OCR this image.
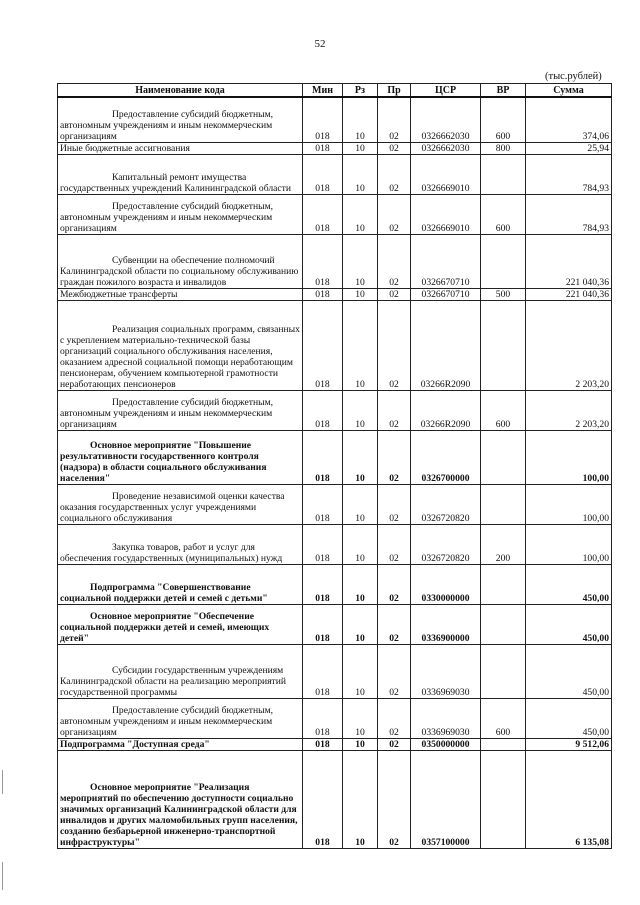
52
(тыс.рублей)
Наименование кода	Мин	Рз	Пр	ЦСР	ВР	Сумма

Предоставление субсидий бюджетным, автономным учреждениям и иным некоммерческим организациям	018	10	02	0326662030	600	374,06
Иные бюджетные ассигнования	018	10	02	0326662030	800	25,94

Капитальный ремонт имущества государственных учреждений Калининградской области	018	10	02	0326669010		784,93

Предоставление субсидий бюджетным, автономным учреждениям и иным некоммерческим организациям	018	10	02	0326669010	600	784,93

Субвенции на обеспечение полномочий Калининградской области по социальному обслуживанию граждан пожилого возраста и инвалидов	018	10	02	0326670710		221 040,36
Межбюджетные трансферты	018	10	02	0326670710	500	221 040,36

Реализация социальных программ, связанных с укреплением материально-технической базы организаций социального обслуживания населения, оказанием адресной социальной помощи неработающим пенсионерам, обучением компьютерной грамотности неработающих пенсионеров	018	10	02	03266R2090		2 203,20

Предоставление субсидий бюджетным, автономным учреждениям и иным некоммерческим организациям	018	10	02	03266R2090	600	2 203,20

Основное мероприятие "Повышение результативности государственного контроля (надзора) в области социального обслуживания населения"	018	10	02	0326700000		100,00

Проведение независимой оценки качества оказания государственных услуг учреждениями социального обслуживания	018	10	02	0326720820		100,00

Закупка товаров, работ и услуг для обеспечения государственных (муниципальных) нужд	018	10	02	0326720820	200	100,00

Подпрограмма "Совершенствование социальной поддержки детей и семей с детьми"	018	10	02	0330000000		450,00

Основное мероприятие "Обеспечение социальной поддержки детей и семей, имеющих детей"	018	10	02	0336900000		450,00

Субсидии государственным учреждениям Калининградской области на реализацию мероприятий государственной программы	018	10	02	0336969030		450,00

Предоставление субсидий бюджетным, автономным учреждениям и иным некоммерческим организациям	018	10	02	0336969030	600	450,00
Подпрограмма "Доступная среда"	018	10	02	0350000000		9 512,06

Основное мероприятие "Реализация мероприятий по обеспечению доступности социально значимых организаций Калининградской области для инвалидов и других маломобильных групп населения, созданию безбарьерной инженерно-транспортной инфраструктуры"	018	10	02	0357100000		6 135,08
